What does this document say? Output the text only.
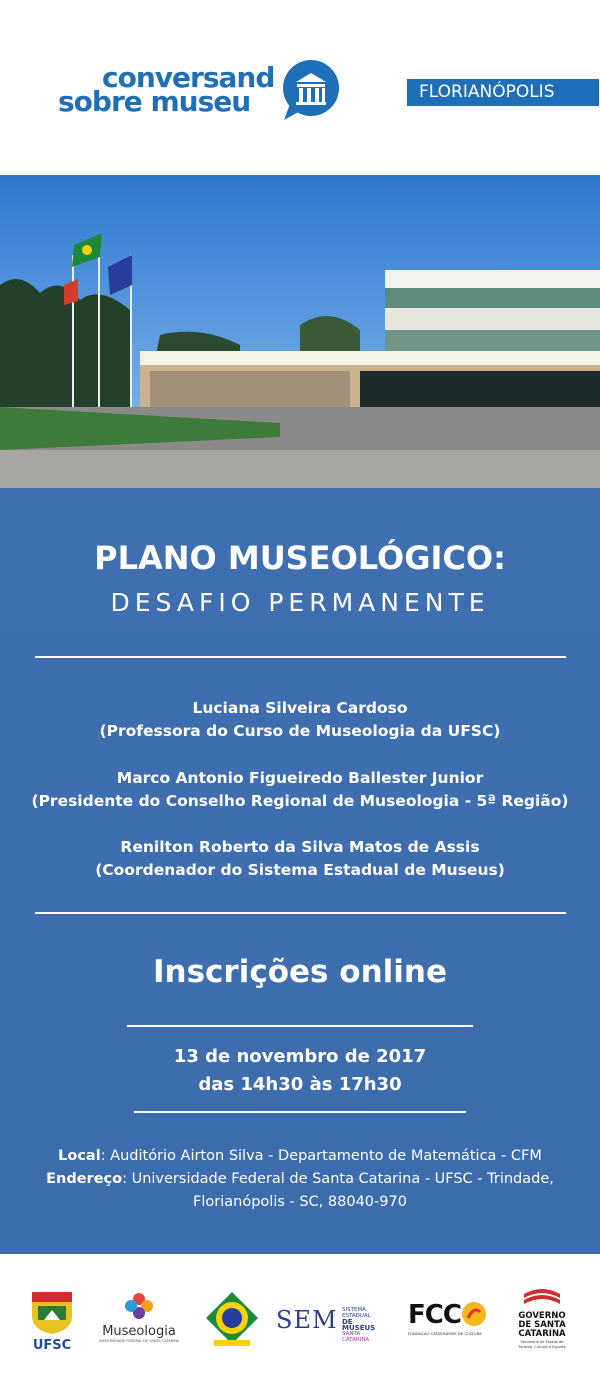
conversand
sobre museu	FLORIANÓPOLIS
PLANO MUSEOLÓGICO:
DESAFIO PERMANENTE
Luciana Silveira Cardoso
(Professora do Curso de Museologia da UFSC)
Marco Antonio Figueiredo Ballester Junior
(Presidente do Conselho Regional de Museologia - 5ª Região)
Renilton Roberto da Silva Matos de Assis
(Coordenador do Sistema Estadual de Museus)
Inscrições online
13 de novembro de 2017
das 14h30 às 17h30
Local: Auditório Airton Silva - Departamento de Matemática - CFM
Endereço: Universidade Federal de Santa Catarina - UFSC - Trindade,
Florianópolis - SC, 88040-970
UFSC
Museologia
UNIVERSIDADE FEDERAL DE SANTA CATARINA
SEM SISTEMA
ESTADUAL
DE MUSEUS
SANTA CATARINA
FCC
FUNDAÇÃO CATARINENSE DE CULTURA
GOVERNO
DE SANTA
CATARINA
Secretaria de Estado de
Turismo, Cultura e Esporte
